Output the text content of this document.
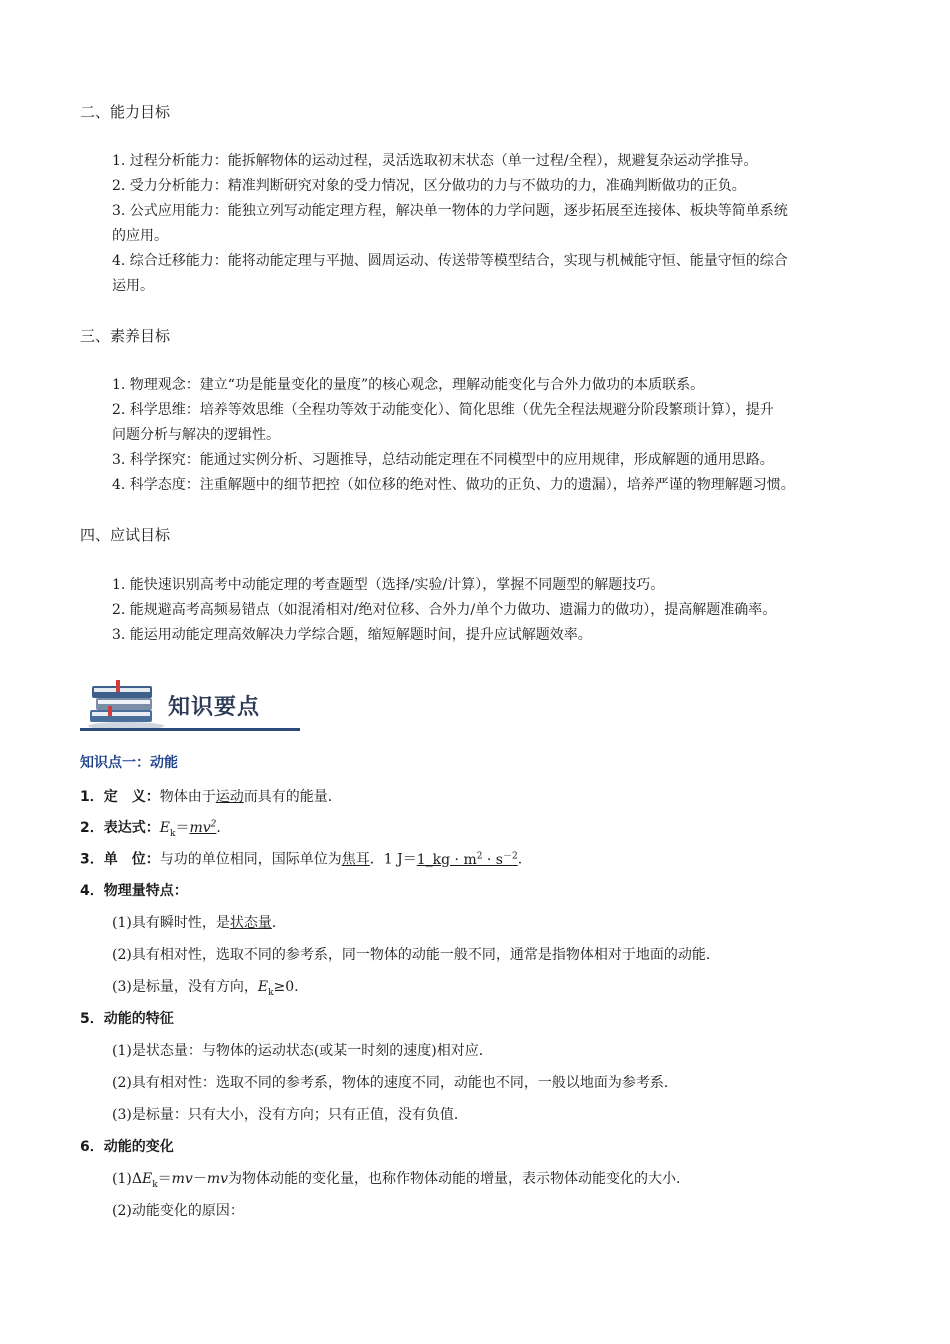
二、能力目标
1. 过程分析能力：能拆解物体的运动过程，灵活选取初末状态（单一过程/全程），规避复杂运动学推导。
2. 受力分析能力：精准判断研究对象的受力情况，区分做功的力与不做功的力，准确判断做功的正负。
3. 公式应用能力：能独立列写动能定理方程，解决单一物体的力学问题，逐步拓展至连接体、板块等简单系统
的应用。
4. 综合迁移能力：能将动能定理与平抛、圆周运动、传送带等模型结合，实现与机械能守恒、能量守恒的综合
运用。
三、素养目标
1. 物理观念：建立“功是能量变化的量度”的核心观念，理解动能变化与合外力做功的本质联系。
2. 科学思维：培养等效思维（全程功等效于动能变化）、简化思维（优先全程法规避分阶段繁琐计算），提升
问题分析与解决的逻辑性。
3. 科学探究：能通过实例分析、习题推导，总结动能定理在不同模型中的应用规律，形成解题的通用思路。
4. 科学态度：注重解题中的细节把控（如位移的绝对性、做功的正负、力的遗漏），培养严谨的物理解题习惯。
四、应试目标
1. 能快速识别高考中动能定理的考查题型（选择/实验/计算），掌握不同题型的解题技巧。
2. 能规避高考高频易错点（如混淆相对/绝对位移、合外力/单个力做功、遗漏力的做功），提高解题准确率。
3. 能运用动能定理高效解决力学综合题，缩短解题时间，提升应试解题效率。
知识要点
知识点一：动能
1．定　义：物体由于运动而具有的能量．
2．表达式：$E_k=mv^2$.
3．单　位：与功的单位相同，国际单位为焦耳．1 J＝1_kg · $m^2 \cdot s^{-2}$.
4．物理量特点：
(1)具有瞬时性，是状态量．
(2)具有相对性，选取不同的参考系，同一物体的动能一般不同，通常是指物体相对于地面的动能．
(3)是标量，没有方向，$E_k\ge 0$.
5．动能的特征
(1)是状态量：与物体的运动状态(或某一时刻的速度)相对应．
(2)具有相对性：选取不同的参考系，物体的速度不同，动能也不同，一般以地面为参考系．
(3)是标量：只有大小，没有方向；只有正值，没有负值．
6．动能的变化
$(1)\Delta E_k=mv-mv$为物体动能的变化量，也称作物体动能的增量，表示物体动能变化的大小．
(2)动能变化的原因：
